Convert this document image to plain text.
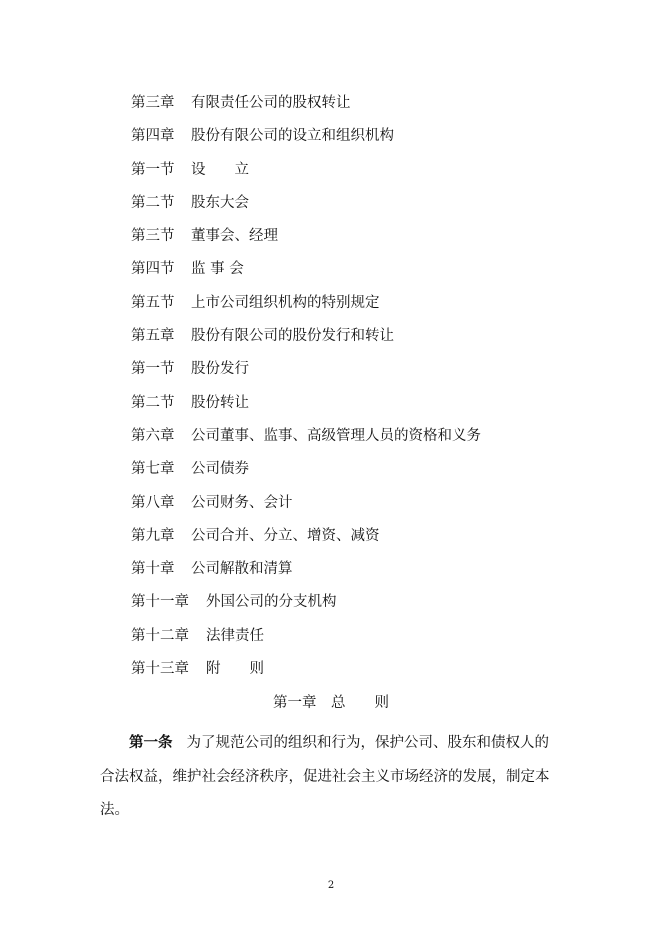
第三章 有限责任公司的股权转让
第四章 股份有限公司的设立和组织机构
第一节 设　　立
第二节 股东大会
第三节 董事会、经理
第四节 监 事 会
第五节 上市公司组织机构的特别规定
第五章 股份有限公司的股份发行和转让
第一节 股份发行
第二节 股份转让
第六章 公司董事、监事、高级管理人员的资格和义务
第七章 公司债券
第八章 公司财务、会计
第九章 公司合并、分立、增资、减资
第十章 公司解散和清算
第十一章 外国公司的分支机构
第十二章 法律责任
第十三章 附　　则
第一章　总　　则

第一条 为了规范公司的组织和行为，保护公司、股东和债权人的合法权益，维护社会经济秩序，促进社会主义市场经济的发展，制定本法。

2
